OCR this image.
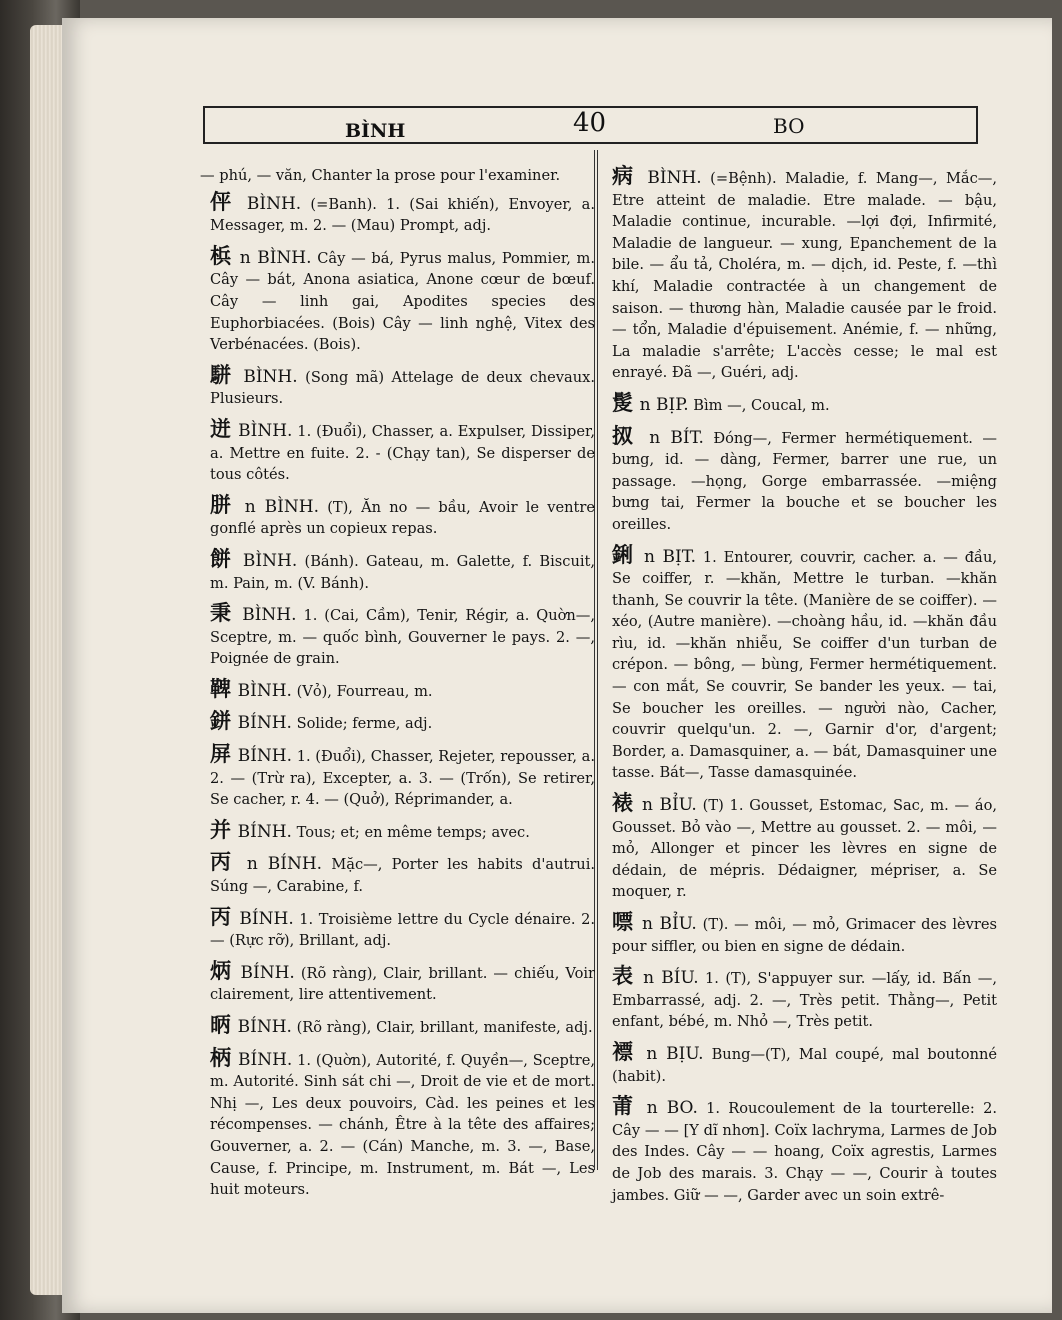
BÌNH	40	BO
— phú, — văn, Chanter la prose pour l'examiner.
伻 BÌNH. (=Banh). 1. (Sai khiến), Envoyer, a. Messager, m. 2. — (Mau) Prompt, adj.
梹 n BÌNH. Cây — bá, Pyrus malus, Pommier, m. Cây — bát, Anona asiatica, Anone cœur de bœuf. Cây — linh gai, Apodites species des Euphorbiacées. (Bois) Cây — linh nghệ, Vitex des Verbénacées. (Bois).
駢 BÌNH. (Song mã) Attelage de deux chevaux. Plusieurs.
迸 BÌNH. 1. (Đuổi), Chasser, a. Expulser, Dissiper, a. Mettre en fuite. 2. - (Chạy tan), Se disperser de tous côtés.
胼 n BÌNH. (T), Ăn no — bầu, Avoir le ventre gonflé après un copieux repas.
餅 BÌNH. (Bánh). Gateau, m. Galette, f. Biscuit, m. Pain, m. (V. Bánh).
秉 BÌNH. 1. (Cai, Cầm), Tenir, Régir, a. Quờn—, Sceptre, m. — quốc bình, Gouverner le pays. 2. —, Poignée de grain.
鞞 BÌNH. (Vỏ), Fourreau, m.
鉼 BÍNH. Solide; ferme, adj.
屏 BÍNH. 1. (Đuổi), Chasser, Rejeter, repousser, a. 2. — (Trừ ra), Excepter, a. 3. — (Trốn), Se retirer, Se cacher, r. 4. — (Quở), Réprimander, a.
并 BÍNH. Tous; et; en même temps; avec.
丙 n BÍNH. Mặc—, Porter les habits d'autrui. Súng —, Carabine, f.
丙 BÍNH. 1. Troisième lettre du Cycle dénaire. 2. — (Rực rỡ), Brillant, adj.
炳 BÍNH. (Rõ ràng), Clair, brillant. — chiếu, Voir clairement, lire attentivement.
昞 BÍNH. (Rõ ràng), Clair, brillant, manifeste, adj.
柄 BÍNH. 1. (Quờn), Autorité, f. Quyền—, Sceptre, m. Autorité. Sinh sát chi —, Droit de vie et de mort. Nhị —, Les deux pouvoirs, Càd. les peines et les récompenses. — chánh, Être à la tête des affaires; Gouverner, a. 2. — (Cán) Manche, m. 3. —, Base, Cause, f. Principe, m. Instrument, m. Bát —, Les huit moteurs.
病 BÌNH. (=Bệnh). Maladie, f. Mang—, Mắc—, Etre atteint de maladie. Etre malade. — bậu, Maladie continue, incurable. —lợi đợi, Infirmité, Maladie de langueur. — xung, Epanchement de la bile. — ẩu tả, Choléra, m. — dịch, id. Peste, f. —thì khí, Maladie contractée à un changement de saison. — thương hàn, Maladie causée par le froid. — tổn, Maladie d'épuisement. Anémie, f. — những, La maladie s'arrête; L'accès cesse; le mal est enrayé. Đã —, Guéri, adj.
髲 n BỊP. Bìm —, Coucal, m.
㧐 n BÍT. Đóng—, Fermer hermétiquement. — bưng, id. — dàng, Fermer, barrer une rue, un passage. —họng, Gorge embarrassée. —miệng bưng tai, Fermer la bouche et se boucher les oreilles.
鋓 n BỊT. 1. Entourer, couvrir, cacher. a. — đầu, Se coiffer, r. —khăn, Mettre le turban. —khăn thanh, Se couvrir la tête. (Manière de se coiffer). — xéo, (Autre manière). —choàng hầu, id. —khăn đầu rìu, id. —khăn nhiễu, Se coiffer d'un turban de crépon. — bông, — bùng, Fermer hermétiquement. — con mắt, Se couvrir, Se bander les yeux. — tai, Se boucher les oreilles. — người nào, Cacher, couvrir quelqu'un. 2. —, Garnir d'or, d'argent; Border, a. Damasquiner, a. — bát, Damasquiner une tasse. Bát—, Tasse damasquinée.
裱 n BỈU. (T) 1. Gousset, Estomac, Sac, m. — áo, Gousset. Bỏ vào —, Mettre au gousset. 2. — môi, — mỏ, Allonger et pincer les lèvres en signe de dédain, de mépris. Dédaigner, mépriser, a. Se moquer, r.
嘌 n BỈU. (T). — môi, — mỏ, Grimacer des lèvres pour siffler, ou bien en signe de dédain.
表 n BÍU. 1. (T), S'appuyer sur. —lấy, id. Bấn —, Embarrassé, adj. 2. —, Très petit. Thằng—, Petit enfant, bébé, m. Nhỏ —, Très petit.
褾 n BỊU. Bung—(T), Mal coupé, mal boutonné (habit).
莆 n BO. 1. Roucoulement de la tourterelle: 2. Cây — — [Y dĩ nhơn]. Coïx lachryma, Larmes de Job des Indes. Cây — — hoang, Coïx agrestis, Larmes de Job des marais. 3. Chạy — —, Courir à toutes jambes. Giữ — —, Garder avec un soin extrê-
